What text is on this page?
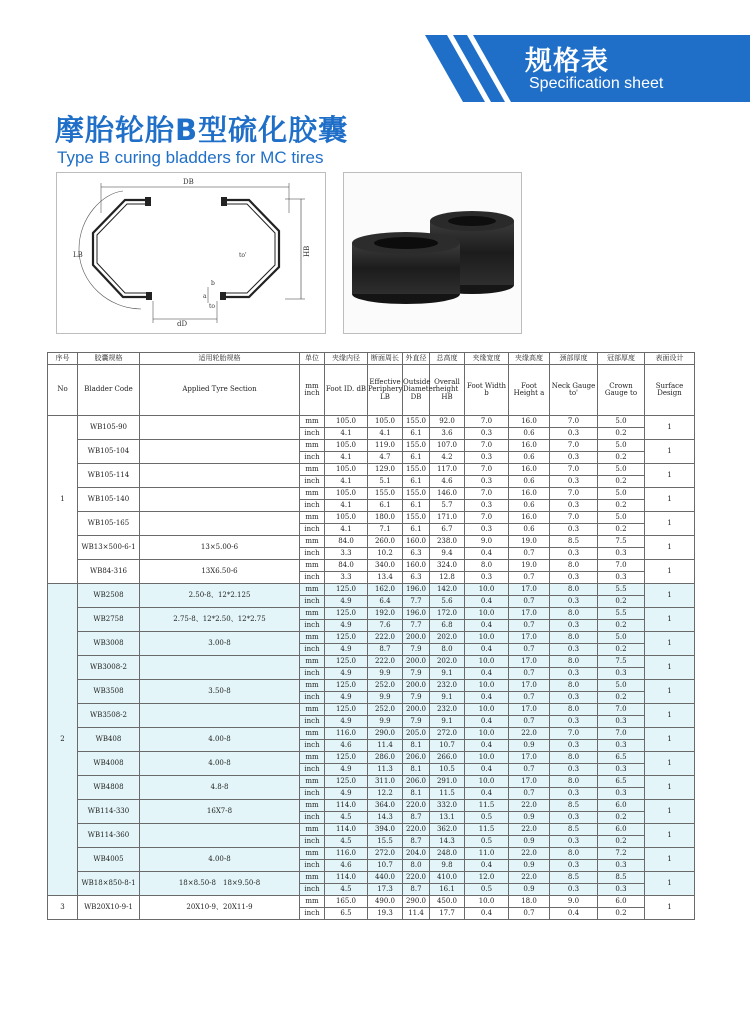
规格表
Specification sheet
摩胎轮胎B型硫化胶囊
Type B curing bladders for MC tires
DB
LB	HB
dD
a
b
to
to'
序号	胶囊规格	适用轮胎规格	单位	夹缘内径	断面周长	外直径	总高度	夹缘宽度	夹缘高度	颈部厚度	冠部厚度	表面设计
No	Bladder Code	Applied Tyre Section	mm inch	Foot ID. dB	Effective Periphery LB	Outside Diameter DB	Overall height HB	Foot Width b	Foot Height a	Neck Gauge to'	Crown Gauge to	Surface Design
1	WB105-90		mm	105.0	105.0	155.0	92.0	7.0	16.0	7.0	5.0	1
			inch	4.1	4.1	6.1	3.6	0.3	0.6	0.3	0.2	
	WB105-104		mm	105.0	119.0	155.0	107.0	7.0	16.0	7.0	5.0	1
			inch	4.1	4.7	6.1	4.2	0.3	0.6	0.3	0.2	
	WB105-114		mm	105.0	129.0	155.0	117.0	7.0	16.0	7.0	5.0	1
			inch	4.1	5.1	6.1	4.6	0.3	0.6	0.3	0.2	
	WB105-140		mm	105.0	155.0	155.0	146.0	7.0	16.0	7.0	5.0	1
			inch	4.1	6.1	6.1	5.7	0.3	0.6	0.3	0.2	
	WB105-165		mm	105.0	180.0	155.0	171.0	7.0	16.0	7.0	5.0	1
			inch	4.1	7.1	6.1	6.7	0.3	0.6	0.3	0.2	
	WB13×500-6-1	13×5.00-6	mm	84.0	260.0	160.0	238.0	9.0	19.0	8.5	7.5	1
			inch	3.3	10.2	6.3	9.4	0.4	0.7	0.3	0.3	
	WB84-316	13X6.50-6	mm	84.0	340.0	160.0	324.0	8.0	19.0	8.0	7.0	1
			inch	3.3	13.4	6.3	12.8	0.3	0.7	0.3	0.3	
2	WB2508	2.50-8、12*2.125	mm	125.0	162.0	196.0	142.0	10.0	17.0	8.0	5.5	1
			inch	4.9	6.4	7.7	5.6	0.4	0.7	0.3	0.2	
	WB2758	2.75-8、12*2.50、12*2.75	mm	125.0	192.0	196.0	172.0	10.0	17.0	8.0	5.5	1
			inch	4.9	7.6	7.7	6.8	0.4	0.7	0.3	0.2	
	WB3008	3.00-8	mm	125.0	222.0	200.0	202.0	10.0	17.0	8.0	5.0	1
			inch	4.9	8.7	7.9	8.0	0.4	0.7	0.3	0.2	
	WB3008-2		mm	125.0	222.0	200.0	202.0	10.0	17.0	8.0	7.5	1
			inch	4.9	9.9	7.9	9.1	0.4	0.7	0.3	0.3	
	WB3508	3.50-8	mm	125.0	252.0	200.0	232.0	10.0	17.0	8.0	5.0	1
			inch	4.9	9.9	7.9	9.1	0.4	0.7	0.3	0.2	
	WB3508-2		mm	125.0	252.0	200.0	232.0	10.0	17.0	8.0	7.0	1
			inch	4.9	9.9	7.9	9.1	0.4	0.7	0.3	0.3	
	WB408	4.00-8	mm	116.0	290.0	205.0	272.0	10.0	22.0	7.0	7.0	1
			inch	4.6	11.4	8.1	10.7	0.4	0.9	0.3	0.3	
	WB4008	4.00-8	mm	125.0	286.0	206.0	266.0	10.0	17.0	8.0	6.5	1
			inch	4.9	11.3	8.1	10.5	0.4	0.7	0.3	0.3	
	WB4808	4.8-8	mm	125.0	311.0	206.0	291.0	10.0	17.0	8.0	6.5	1
			inch	4.9	12.2	8.1	11.5	0.4	0.7	0.3	0.3	
	WB114-330	16X7-8	mm	114.0	364.0	220.0	332.0	11.5	22.0	8.5	6.0	1
			inch	4.5	14.3	8.7	13.1	0.5	0.9	0.3	0.2	
	WB114-360		mm	114.0	394.0	220.0	362.0	11.5	22.0	8.5	6.0	1
			inch	4.5	15.5	8.7	14.3	0.5	0.9	0.3	0.2	
	WB4005	4.00-8	mm	116.0	272.0	204.0	248.0	11.0	22.0	8.0	7.2	1
			inch	4.6	10.7	8.0	9.8	0.4	0.9	0.3	0.3	
	WB18×850-8-1	18×8.50-8　18×9.50-8	mm	114.0	440.0	220.0	410.0	12.0	22.0	8.5	8.5	1
			inch	4.5	17.3	8.7	16.1	0.5	0.9	0.3	0.3	
3	WB20X10-9-1	20X10-9、20X11-9	mm	165.0	490.0	290.0	450.0	10.0	18.0	9.0	6.0	1
			inch	6.5	19.3	11.4	17.7	0.4	0.7	0.4	0.2	
